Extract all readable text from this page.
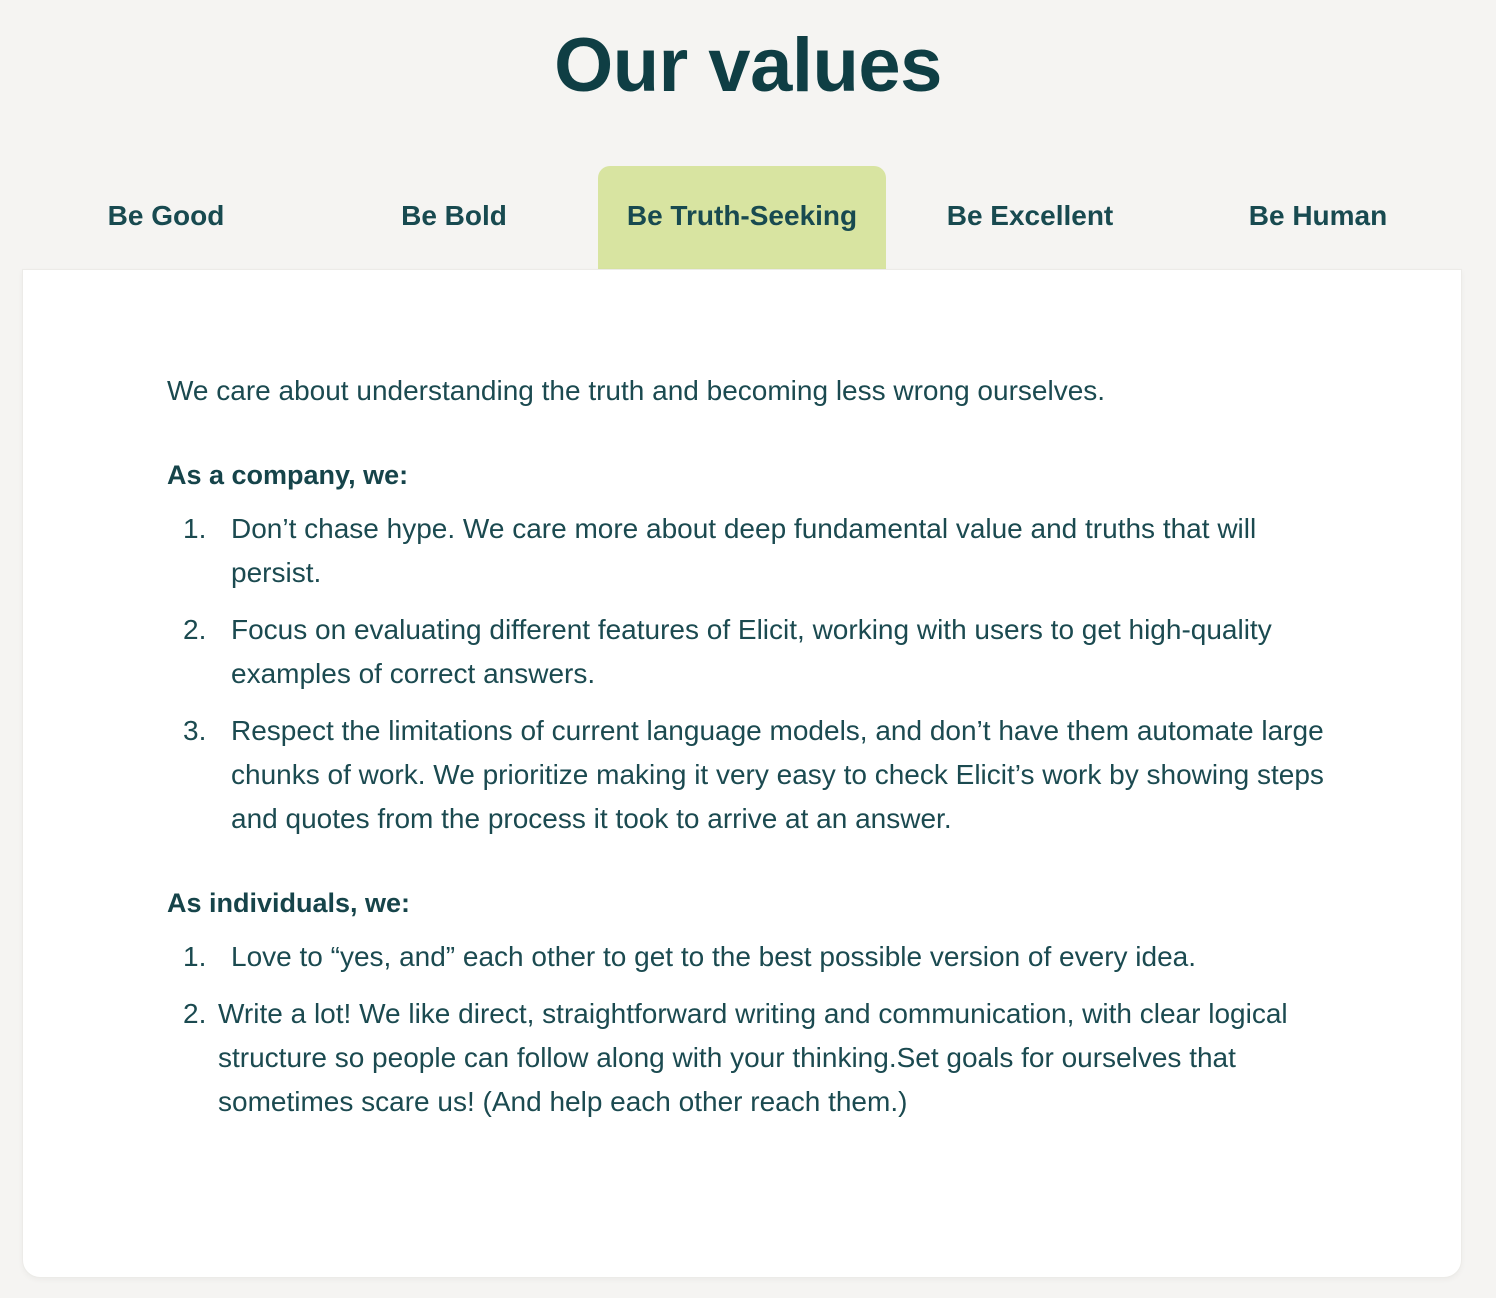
Our values
Be Good	Be Bold	Be Truth-Seeking	Be Excellent	Be Human

We care about understanding the truth and becoming less wrong ourselves.

As a company, we:

1. Don’t chase hype. We care more about deep fundamental value and truths that will persist.
2. Focus on evaluating different features of Elicit, working with users to get high-quality examples of correct answers.
3. Respect the limitations of current language models, and don’t have them automate large chunks of work. We prioritize making it very easy to check Elicit’s work by showing steps and quotes from the process it took to arrive at an answer.

As individuals, we:

1. Love to “yes, and” each other to get to the best possible version of every idea.
2. Write a lot! We like direct, straightforward writing and communication, with clear logical structure so people can follow along with your thinking.Set goals for ourselves that sometimes scare us! (And help each other reach them.)
